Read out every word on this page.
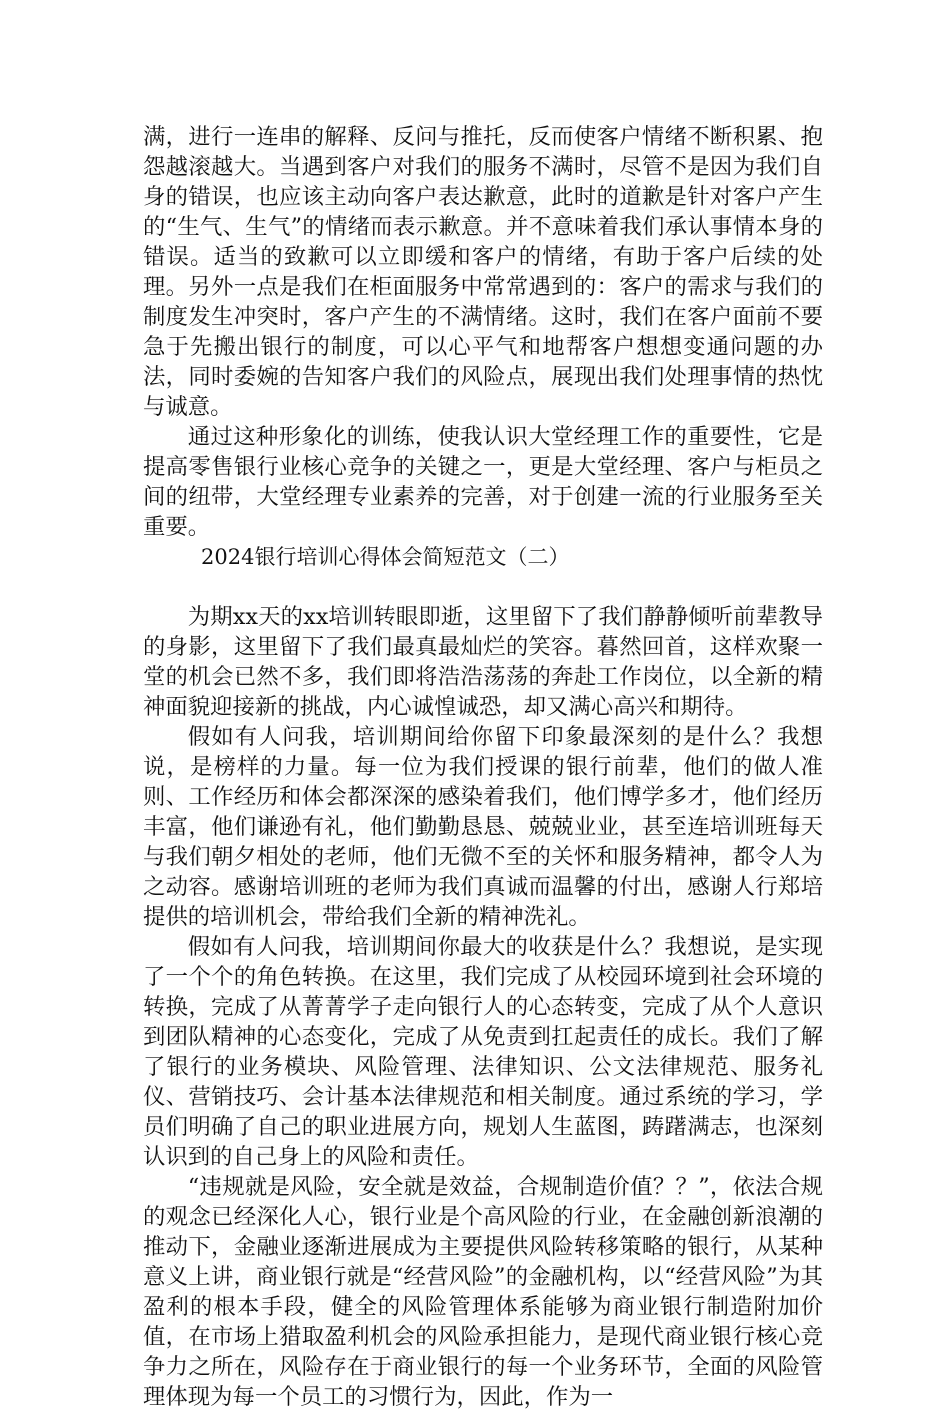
满，进行一连串的解释、反问与推托，反而使客户情绪不断积累、抱怨越滚越大。当遇到客户对我们的服务不满时，尽管不是因为我们自身的错误，也应该主动向客户表达歉意，此时的道歉是针对客户产生的“生气、生气”的情绪而表示歉意。并不意味着我们承认事情本身的错误。适当的致歉可以立即缓和客户的情绪，有助于客户后续的处理。另外一点是我们在柜面服务中常常遇到的：客户的需求与我们的制度发生冲突时，客户产生的不满情绪。这时，我们在客户面前不要急于先搬出银行的制度，可以心平气和地帮客户想想变通问题的办法，同时委婉的告知客户我们的风险点，展现出我们处理事情的热忱与诚意。

通过这种形象化的训练，使我认识大堂经理工作的重要性，它是提高零售银行业核心竞争的关键之一，更是大堂经理、客户与柜员之间的纽带，大堂经理专业素养的完善，对于创建一流的行业服务至关重要。

2024银行培训心得体会简短范文（二）

为期xx天的xx培训转眼即逝，这里留下了我们静静倾听前辈教导的身影，这里留下了我们最真最灿烂的笑容。暮然回首，这样欢聚一堂的机会已然不多，我们即将浩浩荡荡的奔赴工作岗位，以全新的精神面貌迎接新的挑战，内心诚惶诚恐，却又满心高兴和期待。

假如有人问我，培训期间给你留下印象最深刻的是什么？我想说，是榜样的力量。每一位为我们授课的银行前辈，他们的做人准则、工作经历和体会都深深的感染着我们，他们博学多才，他们经历丰富，他们谦逊有礼，他们勤勤恳恳、兢兢业业，甚至连培训班每天与我们朝夕相处的老师，他们无微不至的关怀和服务精神，都令人为之动容。感谢培训班的老师为我们真诚而温馨的付出，感谢人行郑培提供的培训机会，带给我们全新的精神洗礼。

假如有人问我，培训期间你最大的收获是什么？我想说，是实现了一个个的角色转换。在这里，我们完成了从校园环境到社会环境的转换，完成了从菁菁学子走向银行人的心态转变，完成了从个人意识到团队精神的心态变化，完成了从免责到扛起责任的成长。我们了解了银行的业务模块、风险管理、法律知识、公文法律规范、服务礼仪、营销技巧、会计基本法律规范和相关制度。通过系统的学习，学员们明确了自己的职业进展方向，规划人生蓝图，踌躇满志，也深刻认识到的自己身上的风险和责任。

“违规就是风险，安全就是效益，合规制造价值？？”，依法合规的观念已经深化人心，银行业是个高风险的行业，在金融创新浪潮的推动下，金融业逐渐进展成为主要提供风险转移策略的银行，从某种意义上讲，商业银行就是“经营风险”的金融机构，以“经营风险”为其盈利的根本手段，健全的风险管理体系能够为商业银行制造附加价值，在市场上猎取盈利机会的风险承担能力，是现代商业银行核心竞争力之所在，风险存在于商业银行的每一个业务环节，全面的风险管理体现为每一个员工的习惯行为，因此，作为一
